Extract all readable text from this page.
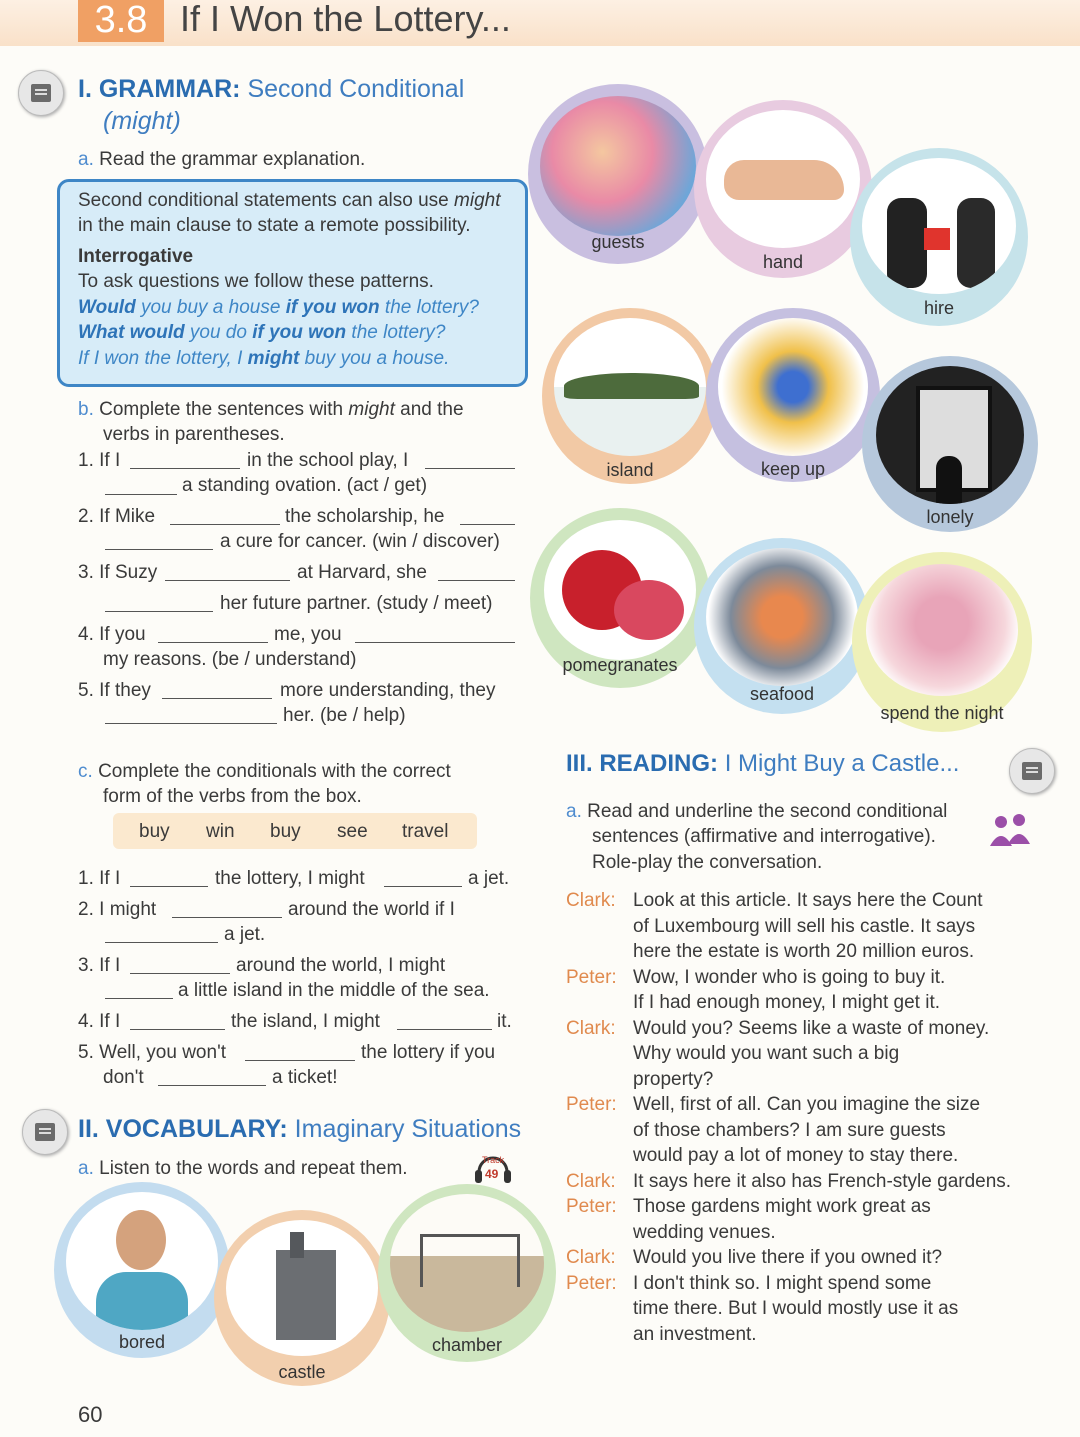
3.8 If I Won the Lottery...
I. GRAMMAR: Second Conditional
(might)
a. Read the grammar explanation.
Second conditional statements can also use might
in the main clause to state a remote possibility.
Interrogative
To ask questions we follow these patterns.
Would you buy a house if you won the lottery?
What would you do if you won the lottery?
If I won the lottery, I might buy you a house.
b. Complete the sentences with might and the
verbs in parentheses.
1. If I	in the school play, I
a standing ovation. (act / get)
2. If Mike	the scholarship, he
a cure for cancer. (win / discover)
3. If Suzy	at Harvard, she
her future partner. (study / meet)
4. If you	me, you
my reasons. (be / understand)
5. If they	more understanding, they
her. (be / help)
c. Complete the conditionals with the correct
form of the verbs from the box.
buy win buy see travel
1. If I	the lottery, I might	a jet.
2. I might	around the world if I
a jet.
3. If I	around the world, I might
a little island in the middle of the sea.
4. If I	the island, I might	it.
5. Well, you won't	the lottery if you
don't	a ticket!
II. VOCABULARY: Imaginary Situations
a. Listen to the words and repeat them.	Track
49
guests
hand
hire
island	keep up
lonely
pomegranates
seafood
spend the night
bored
castle
chamber
III. READING: I Might Buy a Castle...
a. Read and underline the second conditional
sentences (affirmative and interrogative).
Role-play the conversation.
Clark: Look at this article. It says here the Count
of Luxembourg will sell his castle. It says
here the estate is worth 20 million euros.
Peter: Wow, I wonder who is going to buy it.
If I had enough money, I might get it.
Clark: Would you? Seems like a waste of money.
Why would you want such a big
property?
Peter: Well, first of all. Can you imagine the size
of those chambers? I am sure guests
would pay a lot of money to stay there.
Clark: It says here it also has French-style gardens.
Peter: Those gardens might work great as
wedding venues.
Clark: Would you live there if you owned it?
Peter: I don't think so. I might spend some
time there. But I would mostly use it as
an investment.
60
